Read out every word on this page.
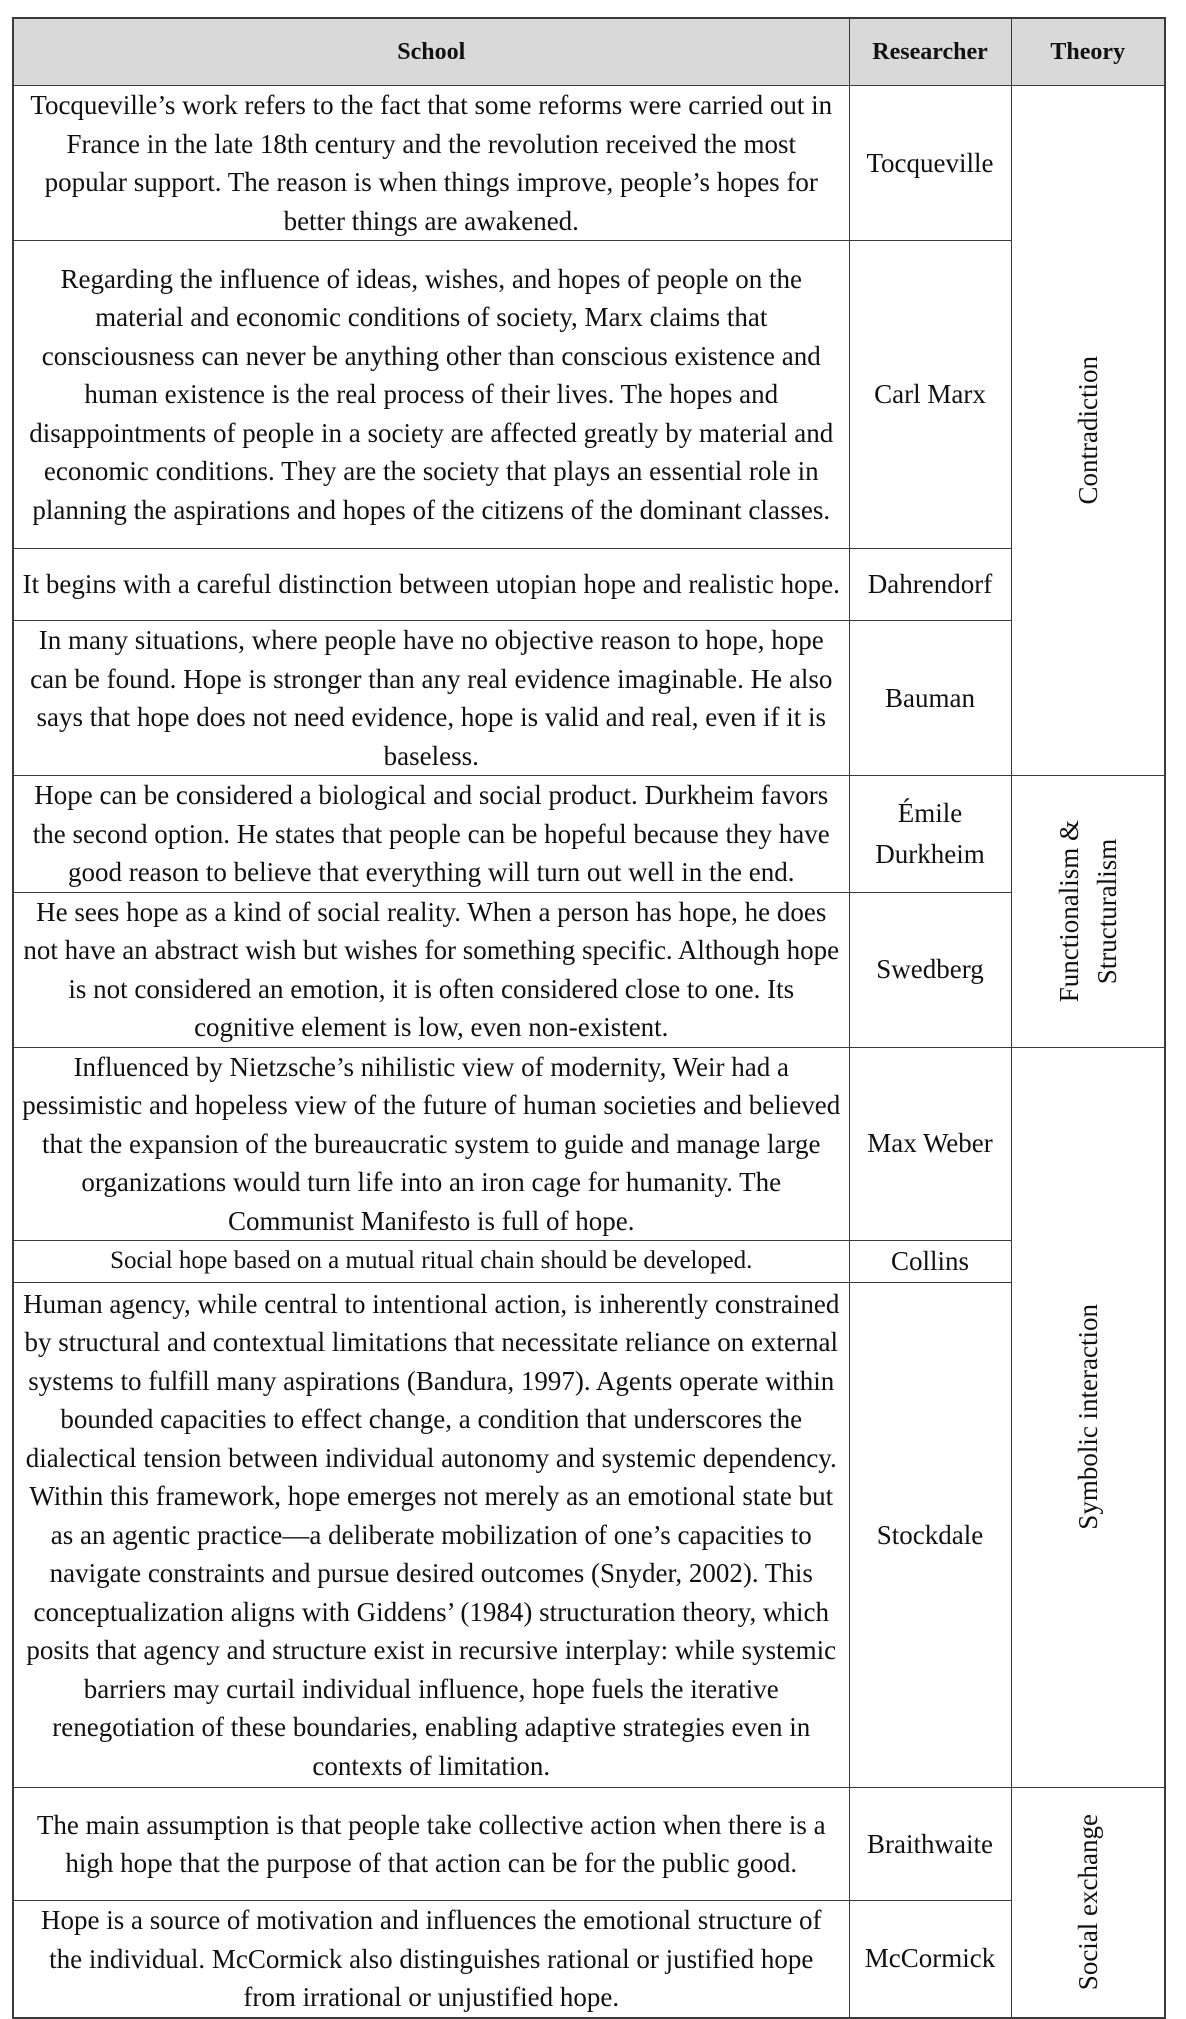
School	Researcher	Theory
Tocqueville’s work refers to the fact that some reforms were carried out in France in the late 18th century and the revolution received the most popular support. The reason is when things improve, people’s hopes for better things are awakened.	Tocqueville	Contradiction

Regarding the influence of ideas, wishes, and hopes of people on the material and economic conditions of society, Marx claims that consciousness can never be anything other than conscious existence and human existence is the real process of their lives. The hopes and disappointments of people in a society are affected greatly by material and economic conditions. They are the society that plays an essential role in planning the aspirations and hopes of the citizens of the dominant classes.	Carl Marx	
It begins with a careful distinction between utopian hope and realistic hope.	Dahrendorf	
In many situations, where people have no objective reason to hope, hope can be found. Hope is stronger than any real evidence imaginable. He also says that hope does not need evidence, hope is valid and real, even if it is baseless.	Bauman	
Hope can be considered a biological and social product. Durkheim favors the second option. He states that people can be hopeful because they have good reason to believe that everything will turn out well in the end.	Émile Durkheim	Functionalism &
Structuralism

He sees hope as a kind of social reality. When a person has hope, he does not have an abstract wish but wishes for something specific. Although hope is not considered an emotion, it is often considered close to one. Its cognitive element is low, even non-existent.	Swedberg	
Influenced by Nietzsche’s nihilistic view of modernity, Weir had a pessimistic and hopeless view of the future of human societies and believed that the expansion of the bureaucratic system to guide and manage large organizations would turn life into an iron cage for humanity. The Communist Manifesto is full of hope.	Max Weber	Symbolic interaction

Social hope based on a mutual ritual chain should be developed.	Collins	
Human agency, while central to intentional action, is inherently constrained by structural and contextual limitations that necessitate reliance on external systems to fulfill many aspirations (Bandura, 1997). Agents operate within bounded capacities to effect change, a condition that underscores the dialectical tension between individual autonomy and systemic dependency. Within this framework, hope emerges not merely as an emotional state but as an agentic practice—a deliberate mobilization of one’s capacities to navigate constraints and pursue desired outcomes (Snyder, 2002). This conceptualization aligns with Giddens’ (1984) structuration theory, which posits that agency and structure exist in recursive interplay: while systemic barriers may curtail individual influence, hope fuels the iterative renegotiation of these boundaries, enabling adaptive strategies even in contexts of limitation.	Stockdale	
The main assumption is that people take collective action when there is a high hope that the purpose of that action can be for the public good.	Braithwaite	Social exchange

Hope is a source of motivation and influences the emotional structure of the individual. McCormick also distinguishes rational or justified hope from irrational or unjustified hope.	McCormick	
